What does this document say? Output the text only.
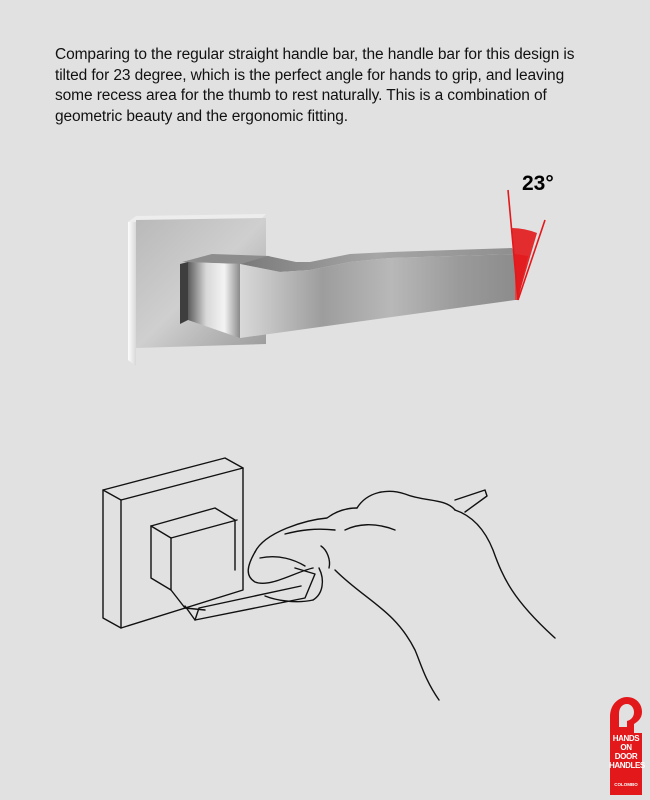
Comparing to the regular straight handle bar, the handle bar for this design is tilted for 23 degree, which is the perfect angle for hands to grip, and leaving some recess area for the thumb to rest naturally. This is a combination of geometric beauty and the ergonomic fitting.

23°
HANDS
ON
DOOR
HANDLES
COLOMBO
